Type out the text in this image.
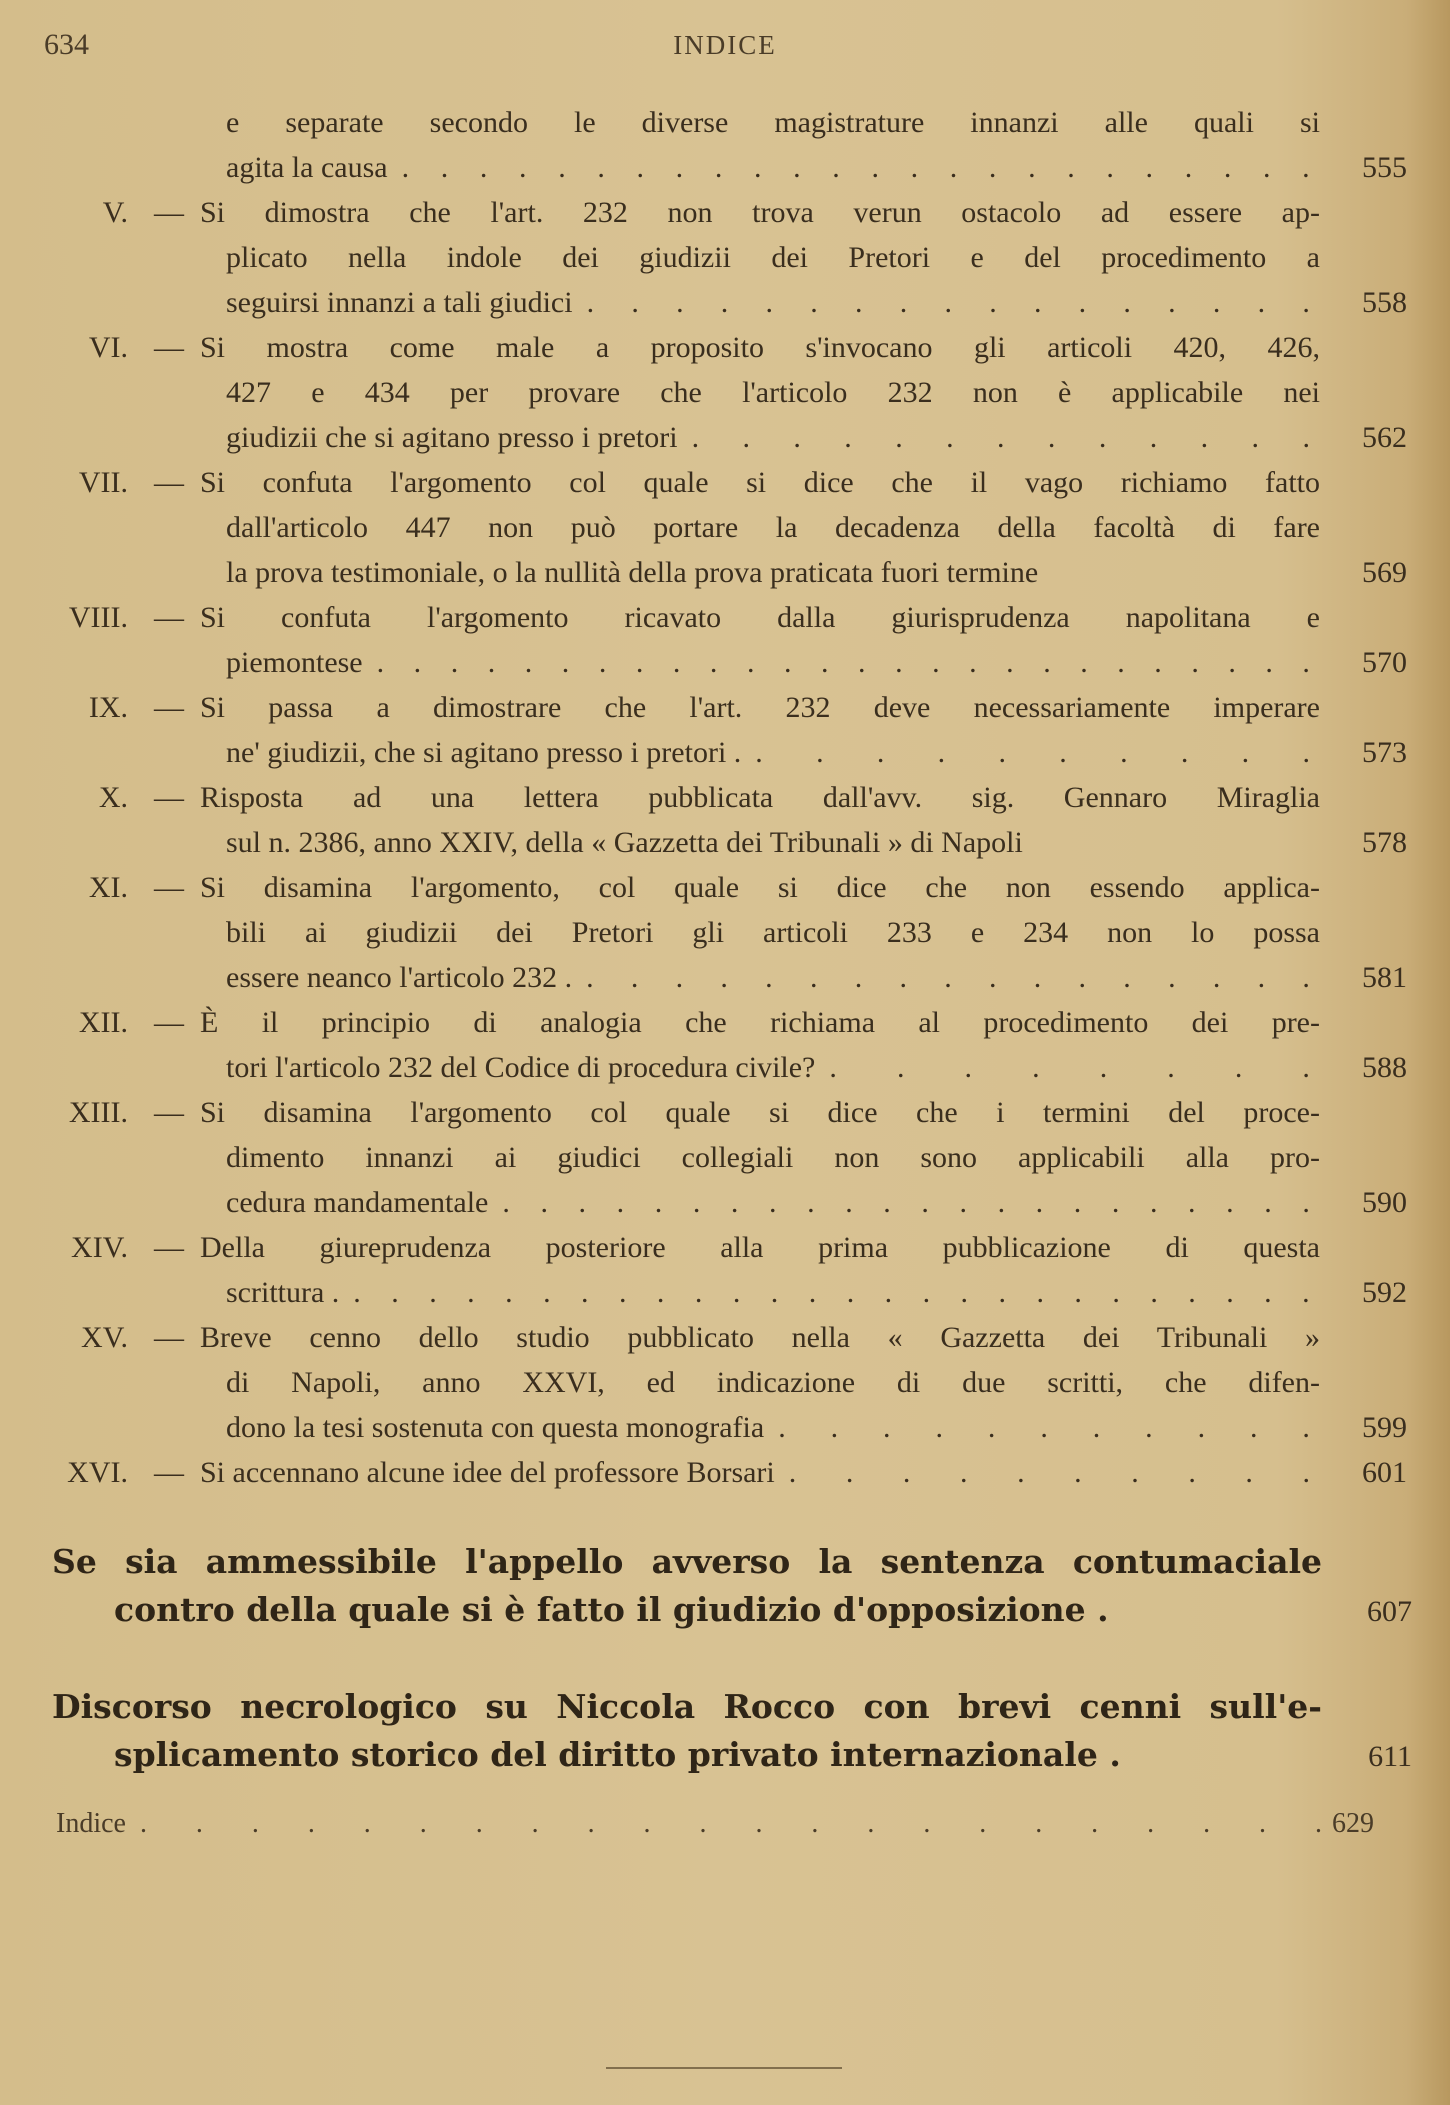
634	INDICE
e separate secondo le diverse magistrature innanzi alle quali si
agita la causa . . . . . . . . . . . . . . . . . . . . . . . . 555
V. — Si dimostra che l'art. 232 non trova verun ostacolo ad essere ap-
plicato nella indole dei giudizii dei Pretori e del procedimento a
seguirsi innanzi a tali giudici . . . . . . . . . . . . . . . . . 558
VI. — Si mostra come male a proposito s'invocano gli articoli 420, 426,
427 e 434 per provare che l'articolo 232 non è applicabile nei
giudizii che si agitano presso i pretori . . . . . . . . . . . . . 562
VII. — Si confuta l'argomento col quale si dice che il vago richiamo fatto
dall'articolo 447 non può portare la decadenza della facoltà di fare
la prova testimoniale, o la nullità della prova praticata fuori termine	569
VIII. — Si confuta l'argomento ricavato dalla giurisprudenza napolitana e
piemontese . . . . . . . . . . . . . . . . . . . . . . . . . . 570
IX. — Si passa a dimostrare che l'art. 232 deve necessariamente imperare
ne' giudizii, che si agitano presso i pretori . . . . . . . . . . . 573
X. — Risposta ad una lettera pubblicata dall'avv. sig. Gennaro Miraglia
sul n. 2386, anno XXIV, della « Gazzetta dei Tribunali » di Napoli	578
XI. — Si disamina l'argomento, col quale si dice che non essendo applica-
bili ai giudizii dei Pretori gli articoli 233 e 234 non lo possa
essere neanco l'articolo 232 . . . . . . . . . . . . . . . . . . 581
XII. — È il principio di analogia che richiama al procedimento dei pre-
tori l'articolo 232 del Codice di procedura civile? . . . . . . . . 588
XIII. — Si disamina l'argomento col quale si dice che i termini del proce-
dimento innanzi ai giudici collegiali non sono applicabili alla pro-
cedura mandamentale . . . . . . . . . . . . . . . . . . . . . . 590
XIV. — Della giureprudenza posteriore alla prima pubblicazione di questa
scrittura . . . . . . . . . . . . . . . . . . . . . . . . . . . 592
XV. — Breve cenno dello studio pubblicato nella « Gazzetta dei Tribunali »
di Napoli, anno XXVI, ed indicazione di due scritti, che difen-
dono la tesi sostenuta con questa monografia . . . . . . . . . . . 599
XVI. — Si accennano alcune idee del professore Borsari . . . . . . . . . . 601
Se sia ammessibile l'appello avverso la sentenza contumaciale
contro della quale si è fatto il giudizio d'opposizione .	607
Discorso necrologico su Niccola Rocco con brevi cenni sull'e-
splicamento storico del diritto privato internazionale .	611
Indice . . . . . . . . . . . . . . . . . . . . . . 629
